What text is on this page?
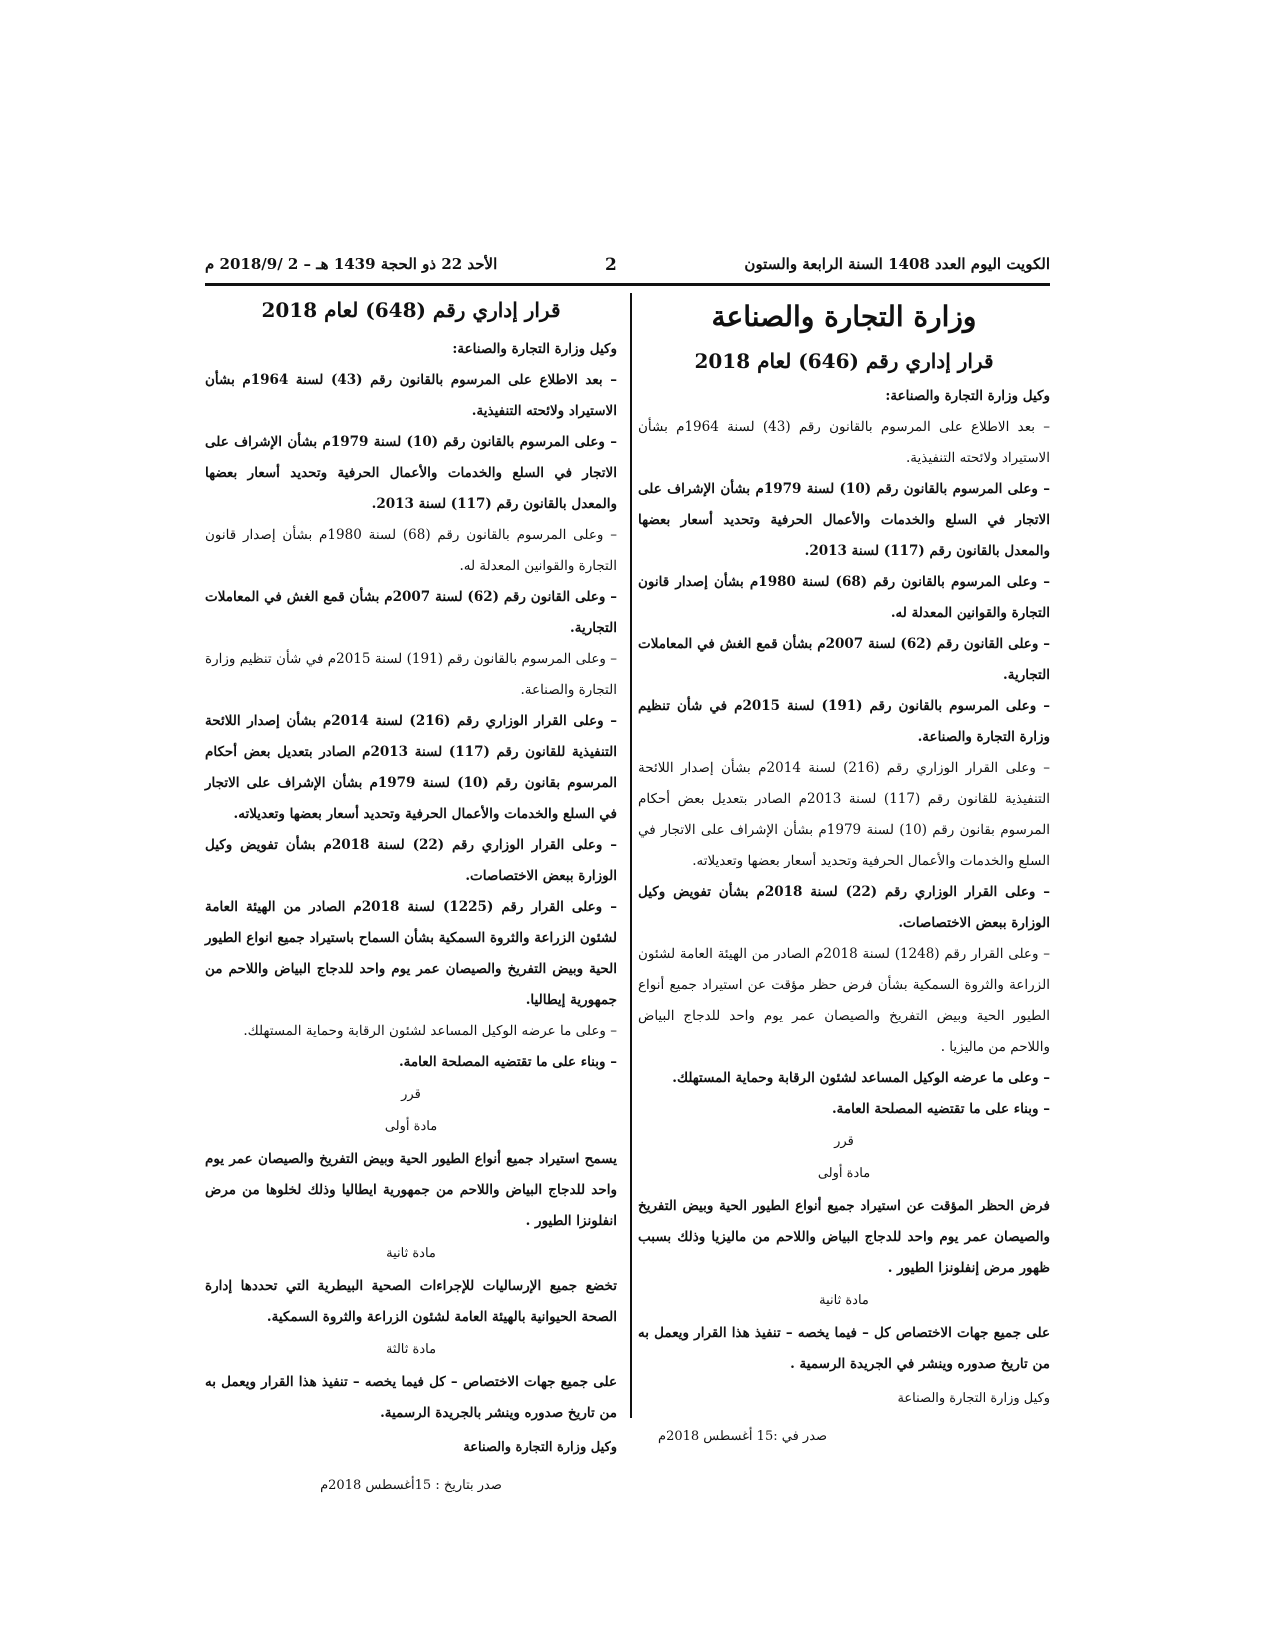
الكويت اليوم العدد 1408 السنة الرابعة والستون
2
الأحد 22 ذو الحجة 1439 هـ – 2 /2018/9 م
وزارة التجارة والصناعة
قرار إداري رقم (646) لعام 2018

وكيل وزارة التجارة والصناعة:

– بعد الاطلاع على المرسوم بالقانون رقم (43) لسنة 1964م بشأن الاستيراد ولائحته التنفيذية.

– وعلى المرسوم بالقانون رقم (10) لسنة 1979م بشأن الإشراف على الاتجار في السلع والخدمات والأعمال الحرفية وتحديد أسعار بعضها والمعدل بالقانون رقم (117) لسنة 2013.

– وعلى المرسوم بالقانون رقم (68) لسنة 1980م بشأن إصدار قانون التجارة والقوانين المعدلة له.

– وعلى القانون رقم (62) لسنة 2007م بشأن قمع الغش في المعاملات التجارية.

– وعلى المرسوم بالقانون رقم (191) لسنة 2015م في شأن تنظيم وزارة التجارة والصناعة.

– وعلى القرار الوزاري رقم (216) لسنة 2014م بشأن إصدار اللائحة التنفيذية للقانون رقم (117) لسنة 2013م الصادر بتعديل بعض أحكام المرسوم بقانون رقم (10) لسنة 1979م بشأن الإشراف على الاتجار في السلع والخدمات والأعمال الحرفية وتحديد أسعار بعضها وتعديلاته.

– وعلى القرار الوزاري رقم (22) لسنة 2018م بشأن تفويض وكيل الوزارة ببعض الاختصاصات.

– وعلى القرار رقم (1248) لسنة 2018م الصادر من الهيئة العامة لشئون الزراعة والثروة السمكية بشأن فرض حظر مؤقت عن استيراد جميع أنواع الطيور الحية وبيض التفريخ والصيصان عمر يوم واحد للدجاج البياض واللاحم من ماليزيا .

– وعلى ما عرضه الوكيل المساعد لشئون الرقابة وحماية المستهلك.

– وبناء على ما تقتضيه المصلحة العامة.

قرر
مادة أولى

فرض الحظر المؤقت عن استيراد جميع أنواع الطيور الحية وبيض التفريخ والصيصان عمر يوم واحد للدجاج البياض واللاحم من ماليزيا وذلك بسبب ظهور مرض إنفلونزا الطيور .

مادة ثانية

على جميع جهات الاختصاص كل – فيما يخصه – تنفيذ هذا القرار ويعمل به من تاريخ صدوره وينشر في الجريدة الرسمية .

وكيل وزارة التجارة والصناعة
صدر في :15 أغسطس 2018م
قرار إداري رقم (648) لعام 2018

وكيل وزارة التجارة والصناعة:

– بعد الاطلاع على المرسوم بالقانون رقم (43) لسنة 1964م بشأن الاستيراد ولائحته التنفيذية.

– وعلى المرسوم بالقانون رقم (10) لسنة 1979م بشأن الإشراف على الاتجار في السلع والخدمات والأعمال الحرفية وتحديد أسعار بعضها والمعدل بالقانون رقم (117) لسنة 2013.

– وعلى المرسوم بالقانون رقم (68) لسنة 1980م بشأن إصدار قانون التجارة والقوانين المعدلة له.

– وعلى القانون رقم (62) لسنة 2007م بشأن قمع الغش في المعاملات التجارية.

– وعلى المرسوم بالقانون رقم (191) لسنة 2015م في شأن تنظيم وزارة التجارة والصناعة.

– وعلى القرار الوزاري رقم (216) لسنة 2014م بشأن إصدار اللائحة التنفيذية للقانون رقم (117) لسنة 2013م الصادر بتعديل بعض أحكام المرسوم بقانون رقم (10) لسنة 1979م بشأن الإشراف على الاتجار في السلع والخدمات والأعمال الحرفية وتحديد أسعار بعضها وتعديلاته.

– وعلى القرار الوزاري رقم (22) لسنة 2018م بشأن تفويض وكيل الوزارة ببعض الاختصاصات.

– وعلى القرار رقم (1225) لسنة 2018م الصادر من الهيئة العامة لشئون الزراعة والثروة السمكية بشأن السماح باستيراد جميع انواع الطيور الحية وبيض التفريخ والصيصان عمر يوم واحد للدجاج البياض واللاحم من جمهورية إيطاليا.

– وعلى ما عرضه الوكيل المساعد لشئون الرقابة وحماية المستهلك.

– وبناء على ما تقتضيه المصلحة العامة.

قرر
مادة أولى

يسمح استيراد جميع أنواع الطيور الحية وبيض التفريخ والصيصان عمر يوم واحد للدجاج البياض واللاحم من جمهورية ايطاليا وذلك لخلوها من مرض انفلونزا الطيور .

مادة ثانية

تخضع جميع الإرساليات للإجراءات الصحية البيطرية التي تحددها إدارة الصحة الحيوانية بالهيئة العامة لشئون الزراعة والثروة السمكية.

مادة ثالثة

على جميع جهات الاختصاص – كل فيما يخصه – تنفيذ هذا القرار ويعمل به من تاريخ صدوره وينشر بالجريدة الرسمية.

وكيل وزارة التجارة والصناعة
صدر بتاريخ : 15أغسطس 2018م
